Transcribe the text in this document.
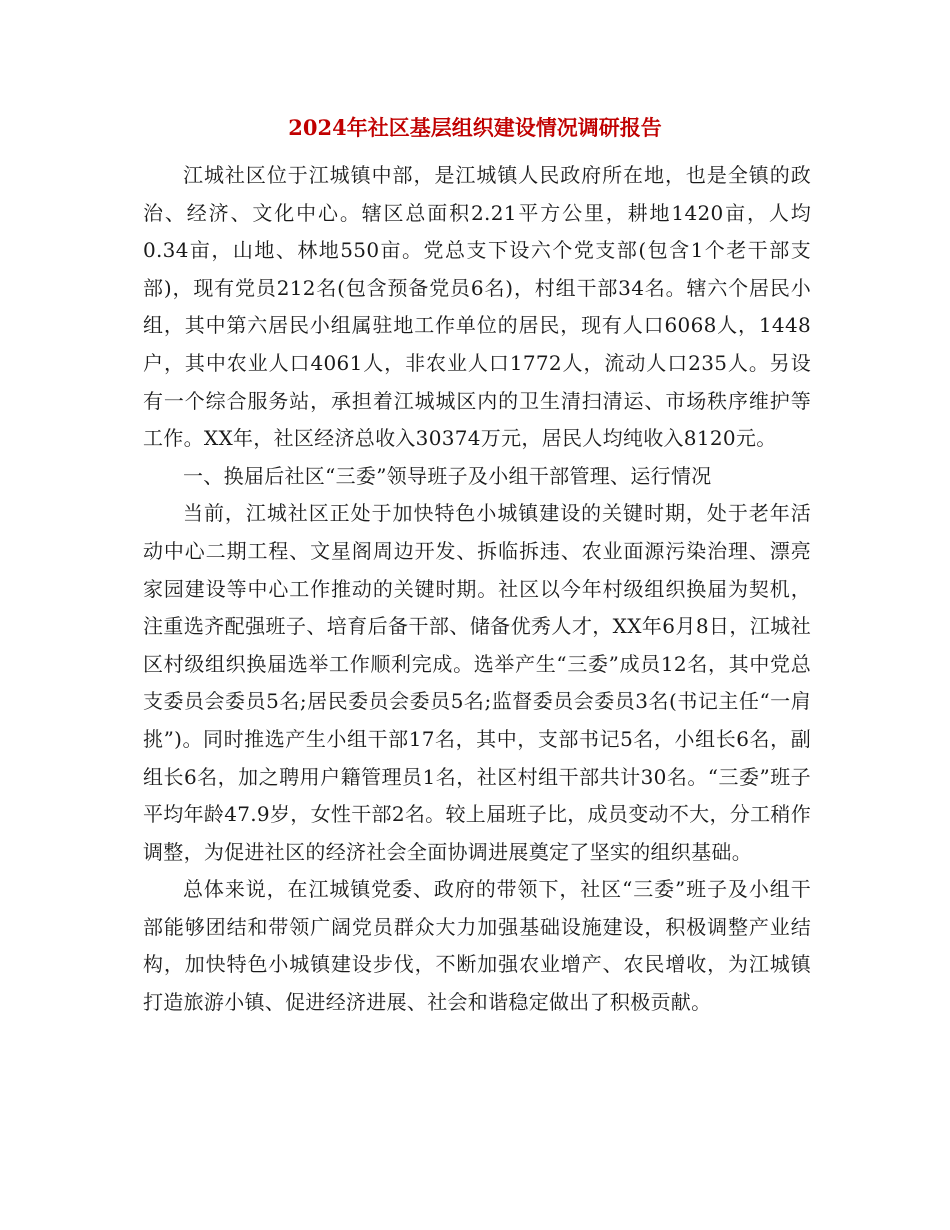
2024年社区基层组织建设情况调研报告

江城社区位于江城镇中部，是江城镇人民政府所在地，也是全镇的政治、经济、文化中心。辖区总面积2.21平方公里，耕地1420亩，人均0.34亩，山地、林地550亩。党总支下设六个党支部(包含1个老干部支部)，现有党员212名(包含预备党员6名)，村组干部34名。辖六个居民小组，其中第六居民小组属驻地工作单位的居民，现有人口6068人，1448户，其中农业人口4061人，非农业人口1772人，流动人口235人。另设有一个综合服务站，承担着江城城区内的卫生清扫清运、市场秩序维护等工作。XX年，社区经济总收入30374万元，居民人均纯收入8120元。

一、换届后社区“三委”领导班子及小组干部管理、运行情况

当前，江城社区正处于加快特色小城镇建设的关键时期，处于老年活动中心二期工程、文星阁周边开发、拆临拆违、农业面源污染治理、漂亮家园建设等中心工作推动的关键时期。社区以今年村级组织换届为契机，注重选齐配强班子、培育后备干部、储备优秀人才，XX年6月8日，江城社区村级组织换届选举工作顺利完成。选举产生“三委”成员12名，其中党总支委员会委员5名;居民委员会委员5名;监督委员会委员3名(书记主任“一肩挑”)。同时推选产生小组干部17名，其中，支部书记5名，小组长6名，副组长6名，加之聘用户籍管理员1名，社区村组干部共计30名。“三委”班子平均年龄47.9岁，女性干部2名。较上届班子比，成员变动不大，分工稍作调整，为促进社区的经济社会全面协调进展奠定了坚实的组织基础。

总体来说，在江城镇党委、政府的带领下，社区“三委”班子及小组干部能够团结和带领广阔党员群众大力加强基础设施建设，积极调整产业结构，加快特色小城镇建设步伐，不断加强农业增产、农民增收，为江城镇打造旅游小镇、促进经济进展、社会和谐稳定做出了积极贡献。
